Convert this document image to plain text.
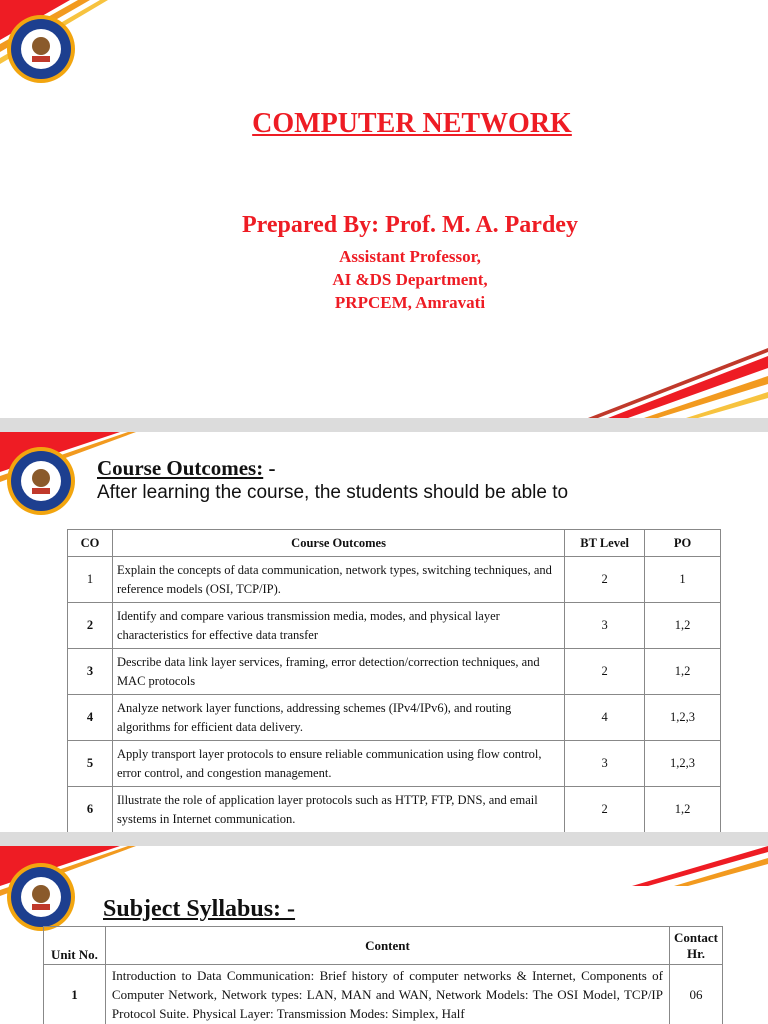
COMPUTER NETWORK
Prepared By: Prof. M. A. Pardey
Assistant Professor,
AI &DS Department,
PRPCEM, Amravati
Course Outcomes: -
After learning the course, the students should be able to
CO	Course Outcomes	BT Level	PO
1	Explain the concepts of data communication, network types, switching techniques, and reference models (OSI, TCP/IP).	2	1
2	Identify and compare various transmission media, modes, and physical layer characteristics for effective data transfer	3	1,2
3	Describe data link layer services, framing, error detection/correction techniques, and MAC protocols	2	1,2
4	Analyze network layer functions, addressing schemes (IPv4/IPv6), and routing algorithms for efficient data delivery.	4	1,2,3
5	Apply transport layer protocols to ensure reliable communication using flow control, error control, and congestion management.	3	1,2,3
6	Illustrate the role of application layer protocols such as HTTP, FTP, DNS, and email systems in Internet communication.	2	1,2
Subject Syllabus: -
Unit No.	Content	Contact Hr.
1	Introduction to Data Communication: Brief history of computer networks & Internet, Components of Computer Network, Network types: LAN, MAN and WAN, Network Models: The OSI Model, TCP/IP Protocol Suite. Physical Layer: Transmission Modes: Simplex, Half	06
